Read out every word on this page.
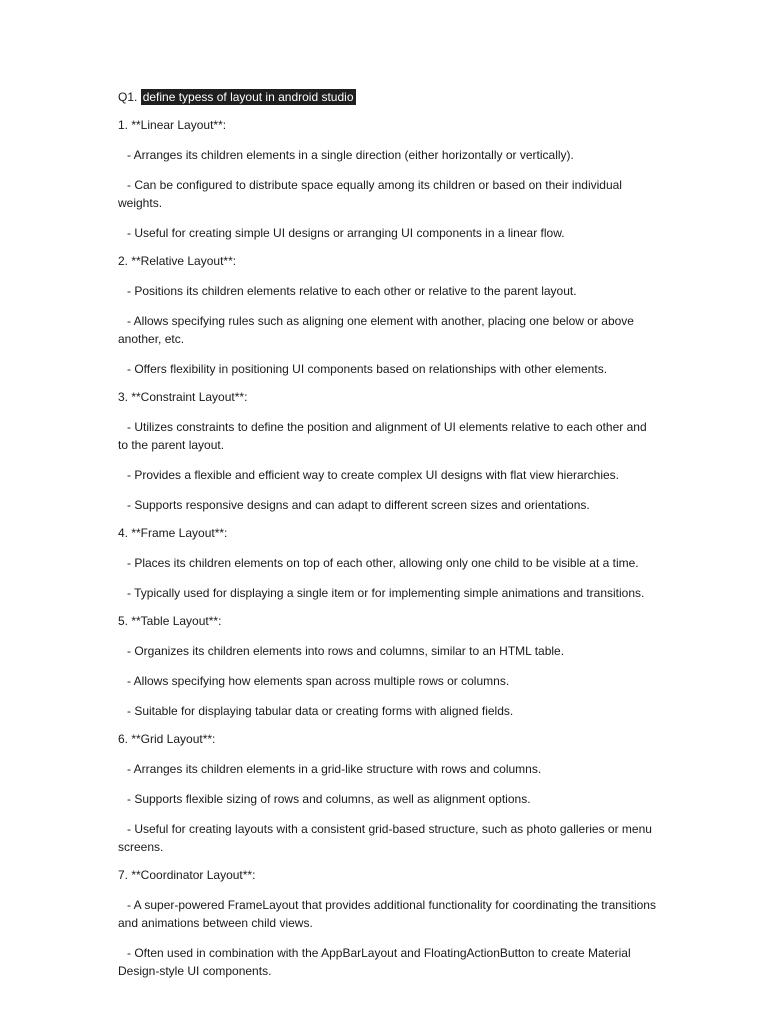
Q1. define typess of layout in android studio

1. **Linear Layout**:

- Arranges its children elements in a single direction (either horizontally or vertically).

- Can be configured to distribute space equally among its children or based on their individual weights.

- Useful for creating simple UI designs or arranging UI components in a linear flow.

2. **Relative Layout**:

- Positions its children elements relative to each other or relative to the parent layout.

- Allows specifying rules such as aligning one element with another, placing one below or above another, etc.

- Offers flexibility in positioning UI components based on relationships with other elements.

3. **Constraint Layout**:

- Utilizes constraints to define the position and alignment of UI elements relative to each other and to the parent layout.

- Provides a flexible and efficient way to create complex UI designs with flat view hierarchies.

- Supports responsive designs and can adapt to different screen sizes and orientations.

4. **Frame Layout**:

- Places its children elements on top of each other, allowing only one child to be visible at a time.

- Typically used for displaying a single item or for implementing simple animations and transitions.

5. **Table Layout**:

- Organizes its children elements into rows and columns, similar to an HTML table.

- Allows specifying how elements span across multiple rows or columns.

- Suitable for displaying tabular data or creating forms with aligned fields.

6. **Grid Layout**:

- Arranges its children elements in a grid-like structure with rows and columns.

- Supports flexible sizing of rows and columns, as well as alignment options.

- Useful for creating layouts with a consistent grid-based structure, such as photo galleries or menu screens.

7. **Coordinator Layout**:

- A super-powered FrameLayout that provides additional functionality for coordinating the transitions and animations between child views.

- Often used in combination with the AppBarLayout and FloatingActionButton to create Material Design-style UI components.
